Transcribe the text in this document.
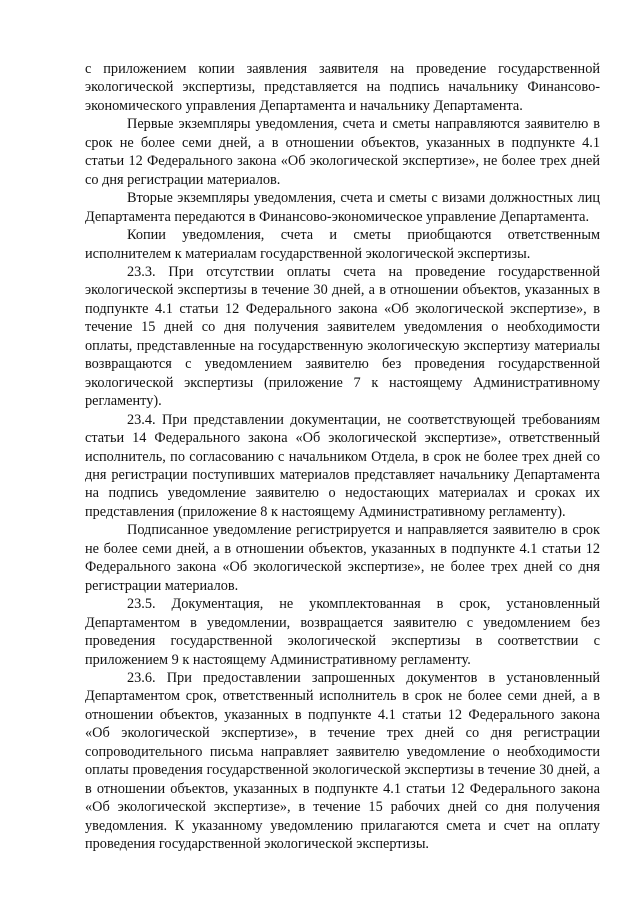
с приложением копии заявления заявителя на проведение государственной экологической экспертизы, представляется на подпись начальнику Финансово-экономического управления Департамента и начальнику Департамента.

Первые экземпляры уведомления, счета и сметы направляются заявителю в срок не более семи дней, а в отношении объектов, указанных в подпункте 4.1 статьи 12 Федерального закона «Об экологической экспертизе», не более трех дней со дня регистрации материалов.

Вторые экземпляры уведомления, счета и сметы с визами должностных лиц Департамента передаются в Финансово-экономическое управление Департамента.

Копии уведомления, счета и сметы приобщаются ответственным исполнителем к материалам государственной экологической экспертизы.

23.3. При отсутствии оплаты счета на проведение государственной экологической экспертизы в течение 30 дней, а в отношении объектов, указанных в подпункте 4.1 статьи 12 Федерального закона «Об экологической экспертизе», в течение 15 дней со дня получения заявителем уведомления о необходимости оплаты, представленные на государственную экологическую экспертизу материалы возвращаются с уведомлением заявителю без проведения государственной экологической экспертизы (приложение 7 к настоящему Административному регламенту).

23.4. При представлении документации, не соответствующей требованиям статьи 14 Федерального закона «Об экологической экспертизе», ответственный исполнитель, по согласованию с начальником Отдела, в срок не более трех дней со дня регистрации поступивших материалов представляет начальнику Департамента на подпись уведомление заявителю о недостающих материалах и сроках их представления (приложение 8 к настоящему Административному регламенту).

Подписанное уведомление регистрируется и направляется заявителю в срок не более семи дней, а в отношении объектов, указанных в подпункте 4.1 статьи 12 Федерального закона «Об экологической экспертизе», не более трех дней со дня регистрации материалов.

23.5. Документация, не укомплектованная в срок, установленный Департаментом в уведомлении, возвращается заявителю с уведомлением без проведения государственной экологической экспертизы в соответствии с приложением 9 к настоящему Административному регламенту.

23.6. При предоставлении запрошенных документов в установленный Департаментом срок, ответственный исполнитель в срок не более семи дней, а в отношении объектов, указанных в подпункте 4.1 статьи 12 Федерального закона «Об экологической экспертизе», в течение трех дней со дня регистрации сопроводительного письма направляет заявителю уведомление о необходимости оплаты проведения государственной экологической экспертизы в течение 30 дней, а в отношении объектов, указанных в подпункте 4.1 статьи 12 Федерального закона «Об экологической экспертизе», в течение 15 рабочих дней со дня получения уведомления. К указанному уведомлению прилагаются смета и счет на оплату проведения государственной экологической экспертизы.
